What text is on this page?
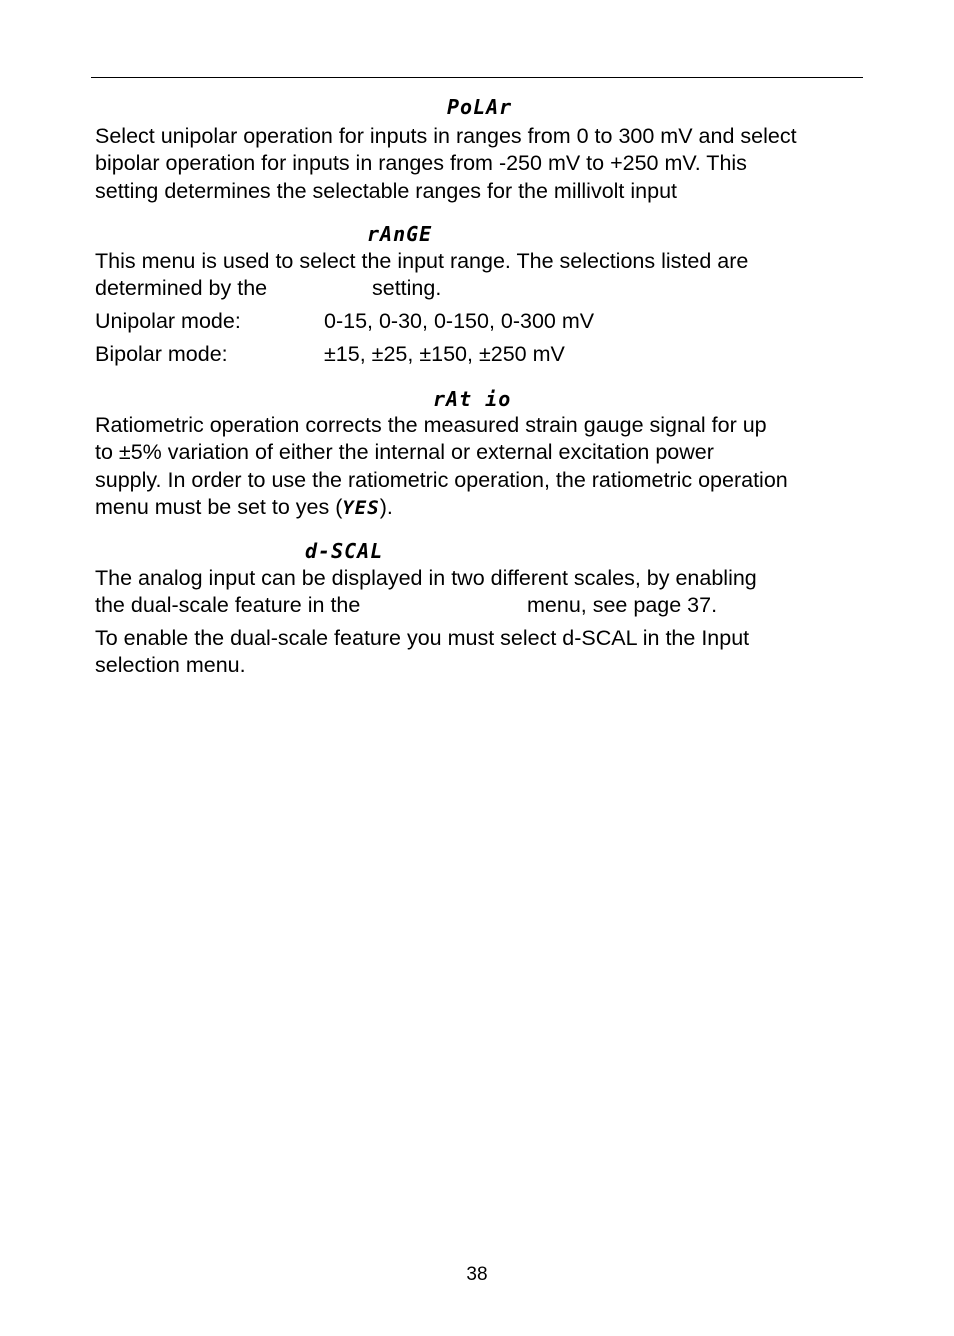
PoLAr
Select unipolar operation for inputs in ranges from 0 to 300 mV and select
bipolar operation for inputs in ranges from -250 mV to +250 mV. This
setting determines the selectable ranges for the millivolt input
rAnGE
This menu is used to select the input range. The selections listed are
determined by the	setting.
Unipolar mode:	0-15, 0-30, 0-150, 0-300 mV
Bipolar mode:	±15, ±25, ±150, ±250 mV
rAt io
Ratiometric operation corrects the measured strain gauge signal for up
to ±5% variation of either the internal or external excitation power
supply. In order to use the ratiometric operation, the ratiometric operation
menu must be set to yes (YES).
d-SCAL
The analog input can be displayed in two different scales, by enabling
the dual-scale feature in the	menu, see page 37.
To enable the dual-scale feature you must select d-SCAL in the Input
selection menu.
38
